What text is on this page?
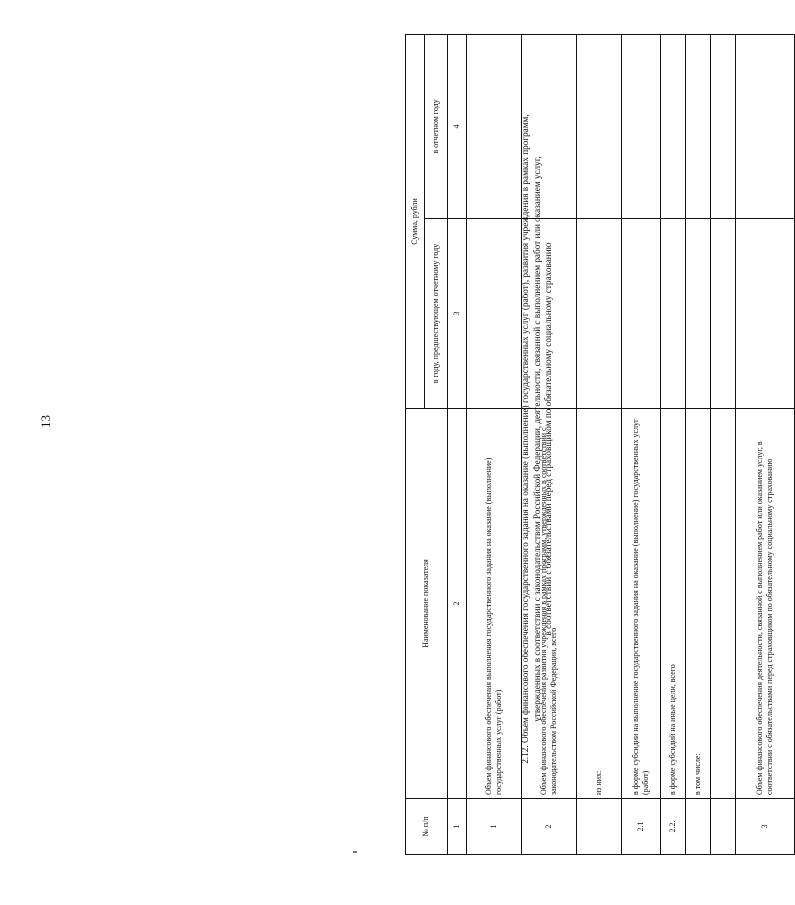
13	2.12. Объем финансового обеспечения государственного задания на оказание (выполнение) государственных услуг (работ), развития учреждения в рамках программ, утвержденных в соответствии с законодательством Российской Федерации, деятельности, связанной с выполнением работ или оказанием услуг, в соответствии с обязательствами перед страховщиком по обязательному социальному страхованию
№ п/п	Наименование показателя	Сумма, рубли	
		в году, предшествующем отчетному году	в отчетном году
1	2	3	4
1	Объем финансового обеспечения выполнения государственного задания на оказание (выполнение) государственных услуг (работ)		
2	Объем финансового обеспечения развития учреждения в рамках программ, утвержденных в соответствии с законодательством Российской Федерации, всего		
	из них:		
2.1	в форме субсидии на выполнение государственного задания на оказание (выполнение) государственных услуг (работ)		
2.2.	в форме субсидий на иные цели, всего		
	в том числе:		

3	Объем финансового обеспечения деятельности, связанной с выполнением работ или оказанием услуг, в соответствии с обязательствами перед страховщиком по обязательному социальному страхованию		
